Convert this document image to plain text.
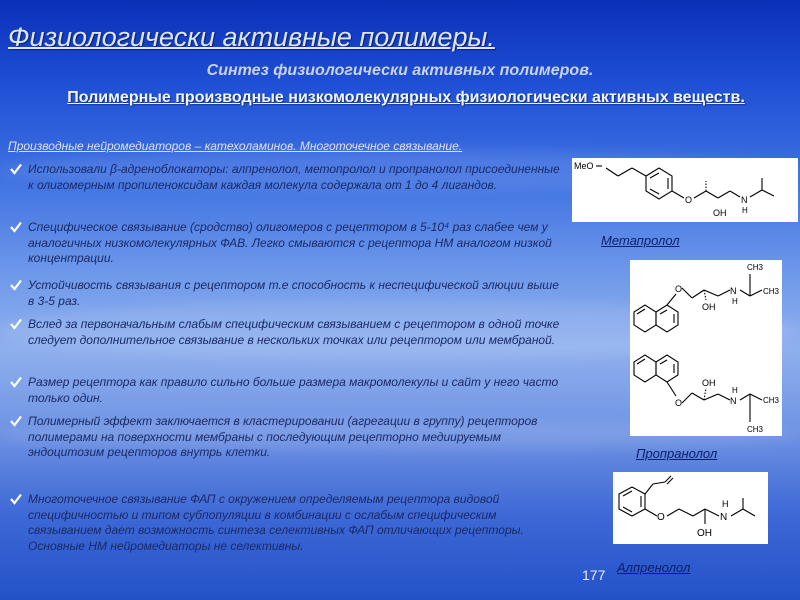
Физиологически активные полимеры.
Синтез физиологически активных полимеров.
Полимерные производные низкомолекулярных физиологически активных веществ.
Производные нейромедиаторов – катехоламинов. Многоточечное связывание.
Использовали β-адреноблокаторы: алпренолол, метопролол и пропранолол присоединенные к олигомерным пропиленоксидам каждая молекула содержала от 1 до 4 лигандов.
Специфическое связывание (сродство) олигомеров с рецептором в 5-10⁴ раз слабее чем у аналогичных низкомолекулярных ФАВ. Легко смываются с рецептора НМ аналогом низкой концентрации.
Устойчивость связывания с рецептором т.е способность к неспецифической элюции выше в 3-5 раз.
Вслед за первоначальным слабым специфическим связыванием с рецептором в одной точке следует дополнительное связывание в нескольких точках или рецептором или мембраной.
Размер рецептора как правило сильно больше размера макромолекулы и сайт у него часто только один.
Полимерный эффект заключается в кластерировании (агрегации в группу) рецепторов полимерами на поверхности мембраны с последующим рецепторно медиируемым эндоцитозим рецепторов внутрь клетки.
Многоточечное связывание ФАП с окружением определяемым рецептора видовой специфичностью и типом субпопуляции в комбинации с ослабым специфическим связыванием дает возможность синтеза селективных ФАП отличающих рецепторы. Основные НМ нейромедиаторы не селективны.
MeO
O
OH
N
H
Метапролол
O
OH
N
H
CH3
CH3
O
OH
N
H
CH3
CH3
Пропранолол
O
OH
N
H
Алпренолол
177
